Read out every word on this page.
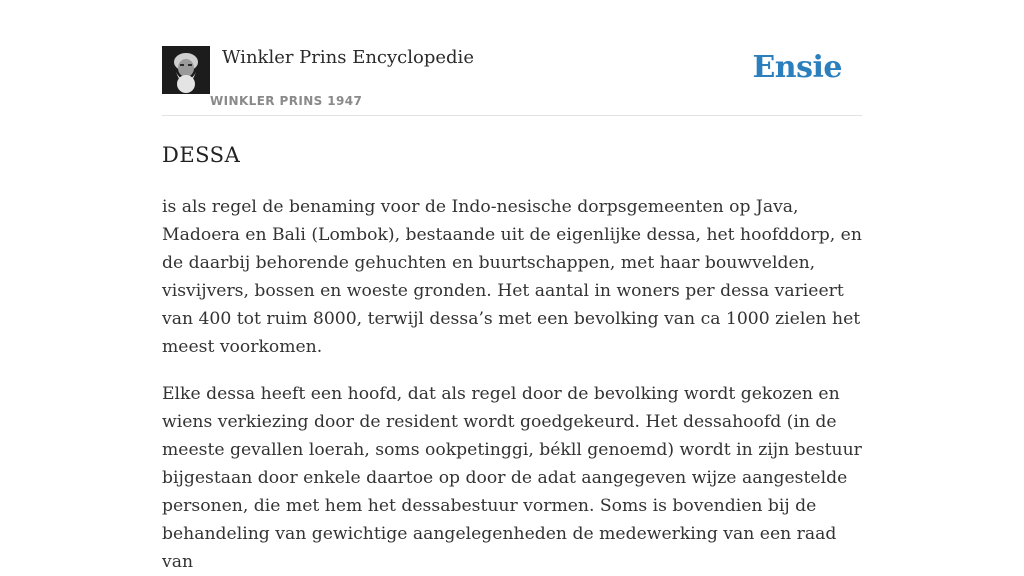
Winkler Prins Encyclopedie
WINKLER PRINS 1947
Ensie
DESSA

is als regel de benaming voor de Indo-nesische dorpsgemeenten op Java, Madoera en Bali (Lombok), bestaande uit de eigenlijke dessa, het hoofddorp, en de daarbij behorende gehuchten en buurtschappen, met haar bouwvelden, visvijvers, bossen en woeste gronden. Het aantal in woners per dessa varieert van 400 tot ruim 8000, terwijl dessa’s met een bevolking van ca 1000 zielen het meest voorkomen.

Elke dessa heeft een hoofd, dat als regel door de bevolking wordt gekozen en wiens verkiezing door de resident wordt goedgekeurd. Het dessahoofd (in de meeste gevallen loerah, soms ookpetinggi, békll genoemd) wordt in zijn bestuur bijgestaan door enkele daartoe op door de adat aangegeven wijze aangestelde personen, die met hem het dessabestuur vormen. Soms is bovendien bij de behandeling van gewichtige aangelegenheden de medewerking van een raad van
